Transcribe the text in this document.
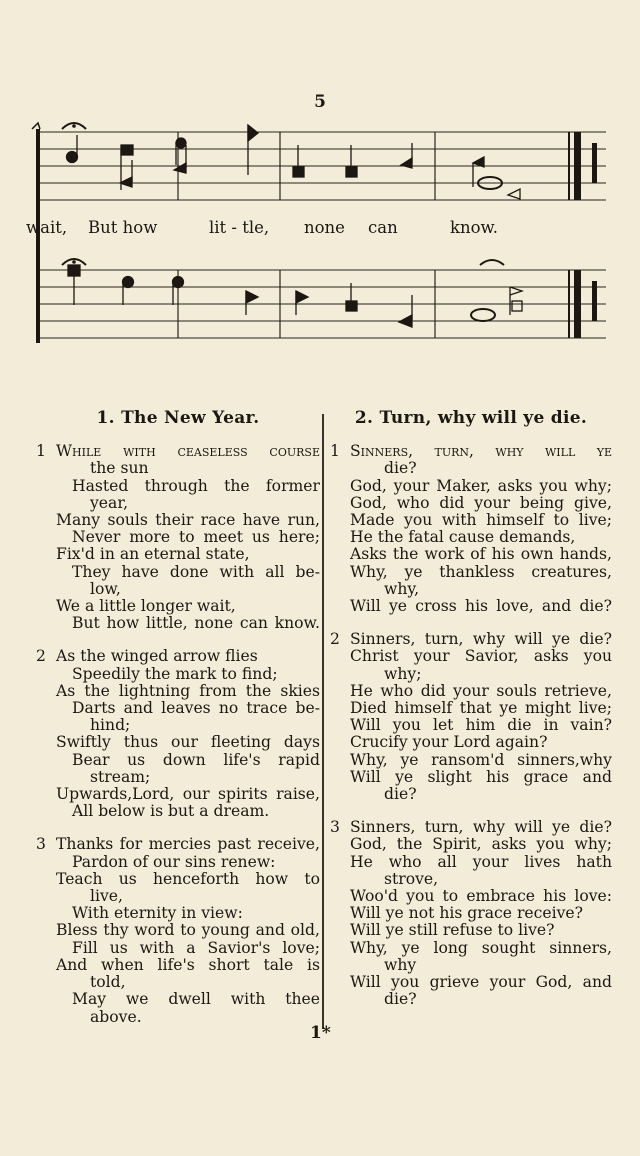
5
wait, But how	lit - tle, none can	know.
1. The New Year.
1 While with ceaseless course
the sun
Hasted through the former
year,
Many souls their race have run,
Never more to meet us here;
Fix'd in an eternal state,
They have done with all be-
low,
We a little longer wait,
But how little, none can know.
2 As the winged arrow flies
Speedily the mark to find;
As the lightning from the skies
Darts and leaves no trace be-
hind;
Swiftly thus our fleeting days
Bear us down life's rapid
stream;
Upwards,Lord, our spirits raise,
All below is but a dream.
3 Thanks for mercies past receive,
Pardon of our sins renew:
Teach us henceforth how to
live,
With eternity in view:
Bless thy word to young and old,
Fill us with a Savior's love;
And when life's short tale is
told,
May we dwell with thee
above.
2. Turn, why will ye die.
1 Sinners, turn, why will ye
die?
God, your Maker, asks you why;
God, who did your being give,
Made you with himself to live;
He the fatal cause demands,
Asks the work of his own hands,
Why, ye thankless creatures,
why,
Will ye cross his love, and die?
2 Sinners, turn, why will ye die?
Christ your Savior, asks you
why;
He who did your souls retrieve,
Died himself that ye might live;
Will you let him die in vain?
Crucify your Lord again?
Why, ye ransom'd sinners,why
Will ye slight his grace and
die?
3 Sinners, turn, why will ye die?
God, the Spirit, asks you why;
He who all your lives hath
strove,
Woo'd you to embrace his love:
Will ye not his grace receive?
Will ye still refuse to live?
Why, ye long sought sinners,
why
Will you grieve your God, and
die?
1*
